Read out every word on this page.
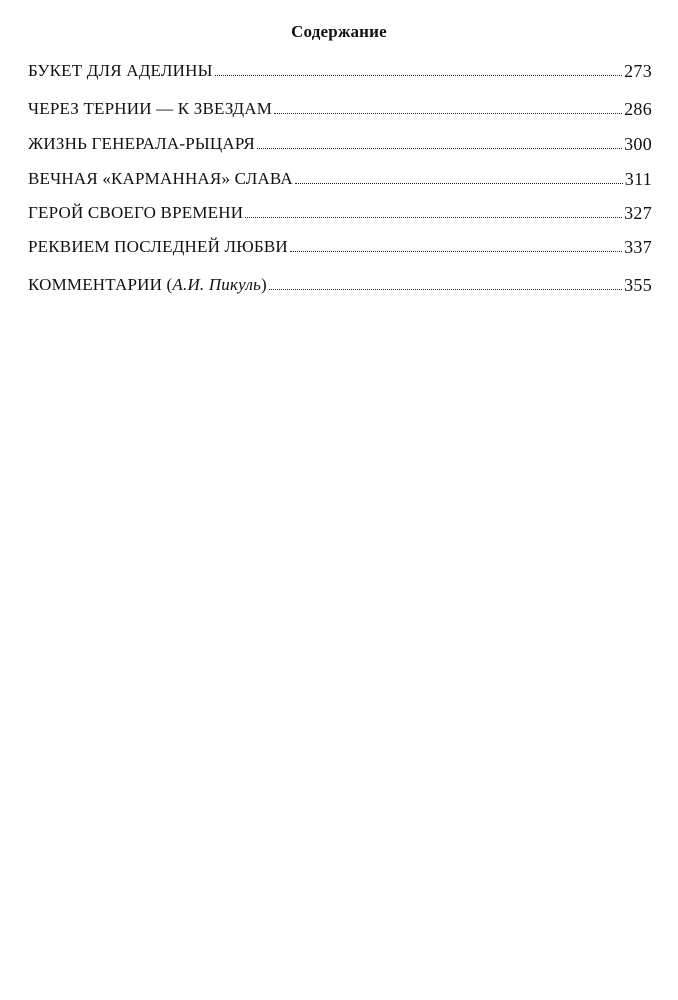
Содержание
БУКЕТ ДЛЯ АДЕЛИНЫ	273
ЧЕРЕЗ ТЕРНИИ — К ЗВЕЗДАМ	286
ЖИЗНЬ ГЕНЕРАЛА-РЫЦАРЯ	300
ВЕЧНАЯ «КАРМАННАЯ» СЛАВА	311
ГЕРОЙ СВОЕГО ВРЕМЕНИ	327
РЕКВИЕМ ПОСЛЕДНЕЙ ЛЮБВИ	337
КОММЕНТАРИИ (А.И. Пикуль)	355
